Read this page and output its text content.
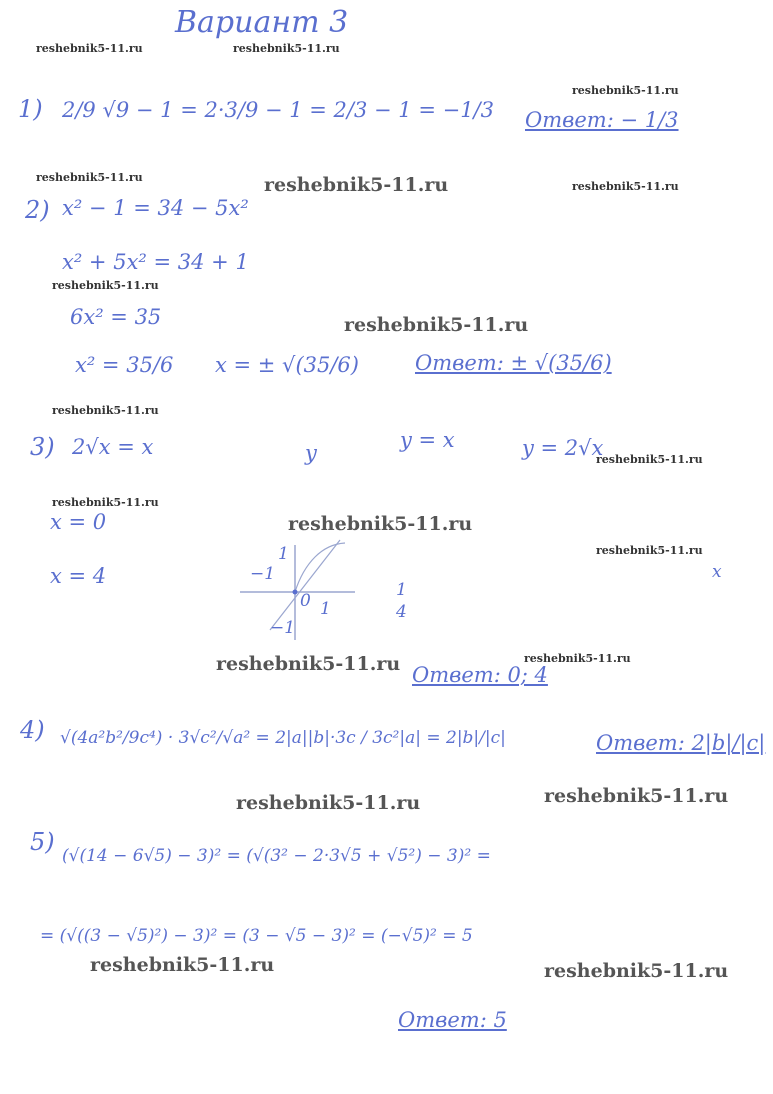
Вариант 3
reshebnik5-11.ru	reshebnik5-11.ru
reshebnik5-11.ru
reshebnik5-11.ru	reshebnik5-11.ru	reshebnik5-11.ru
reshebnik5-11.ru
reshebnik5-11.ru
reshebnik5-11.ru
reshebnik5-11.ru
reshebnik5-11.ru
reshebnik5-11.ru
reshebnik5-11.ru
reshebnik5-11.ru	reshebnik5-11.ru
reshebnik5-11.ru	reshebnik5-11.ru
reshebnik5-11.ru	reshebnik5-11.ru
1) 2/9 √9 − 1 = 2·3/9 − 1 = 2/3 − 1 = −1/3 Ответ: − 1/3
2) x² − 1 = 34 − 5x²
x² + 5x² = 34 + 1
6x² = 35
x² = 35/6 x = ± √(35/6)	Ответ: ± √(35/6)
3) 2√x = x	y
y = x	y = 2√x
x = 0
x = 4
1
−1
0 1
−1
1
4
x
Ответ: 0; 4
4) √(4a²b²/9c⁴) · 3√c²/√a² = 2|a||b|·3c / 3c²|a| = 2|b|/|c|	Ответ: 2|b|/|c|
5) (√(14 − 6√5) − 3)² = (√(3² − 2·3√5 + √5²) − 3)² =
= (√((3 − √5)²) − 3)² = (3 − √5 − 3)² = (−√5)² = 5
Ответ: 5
